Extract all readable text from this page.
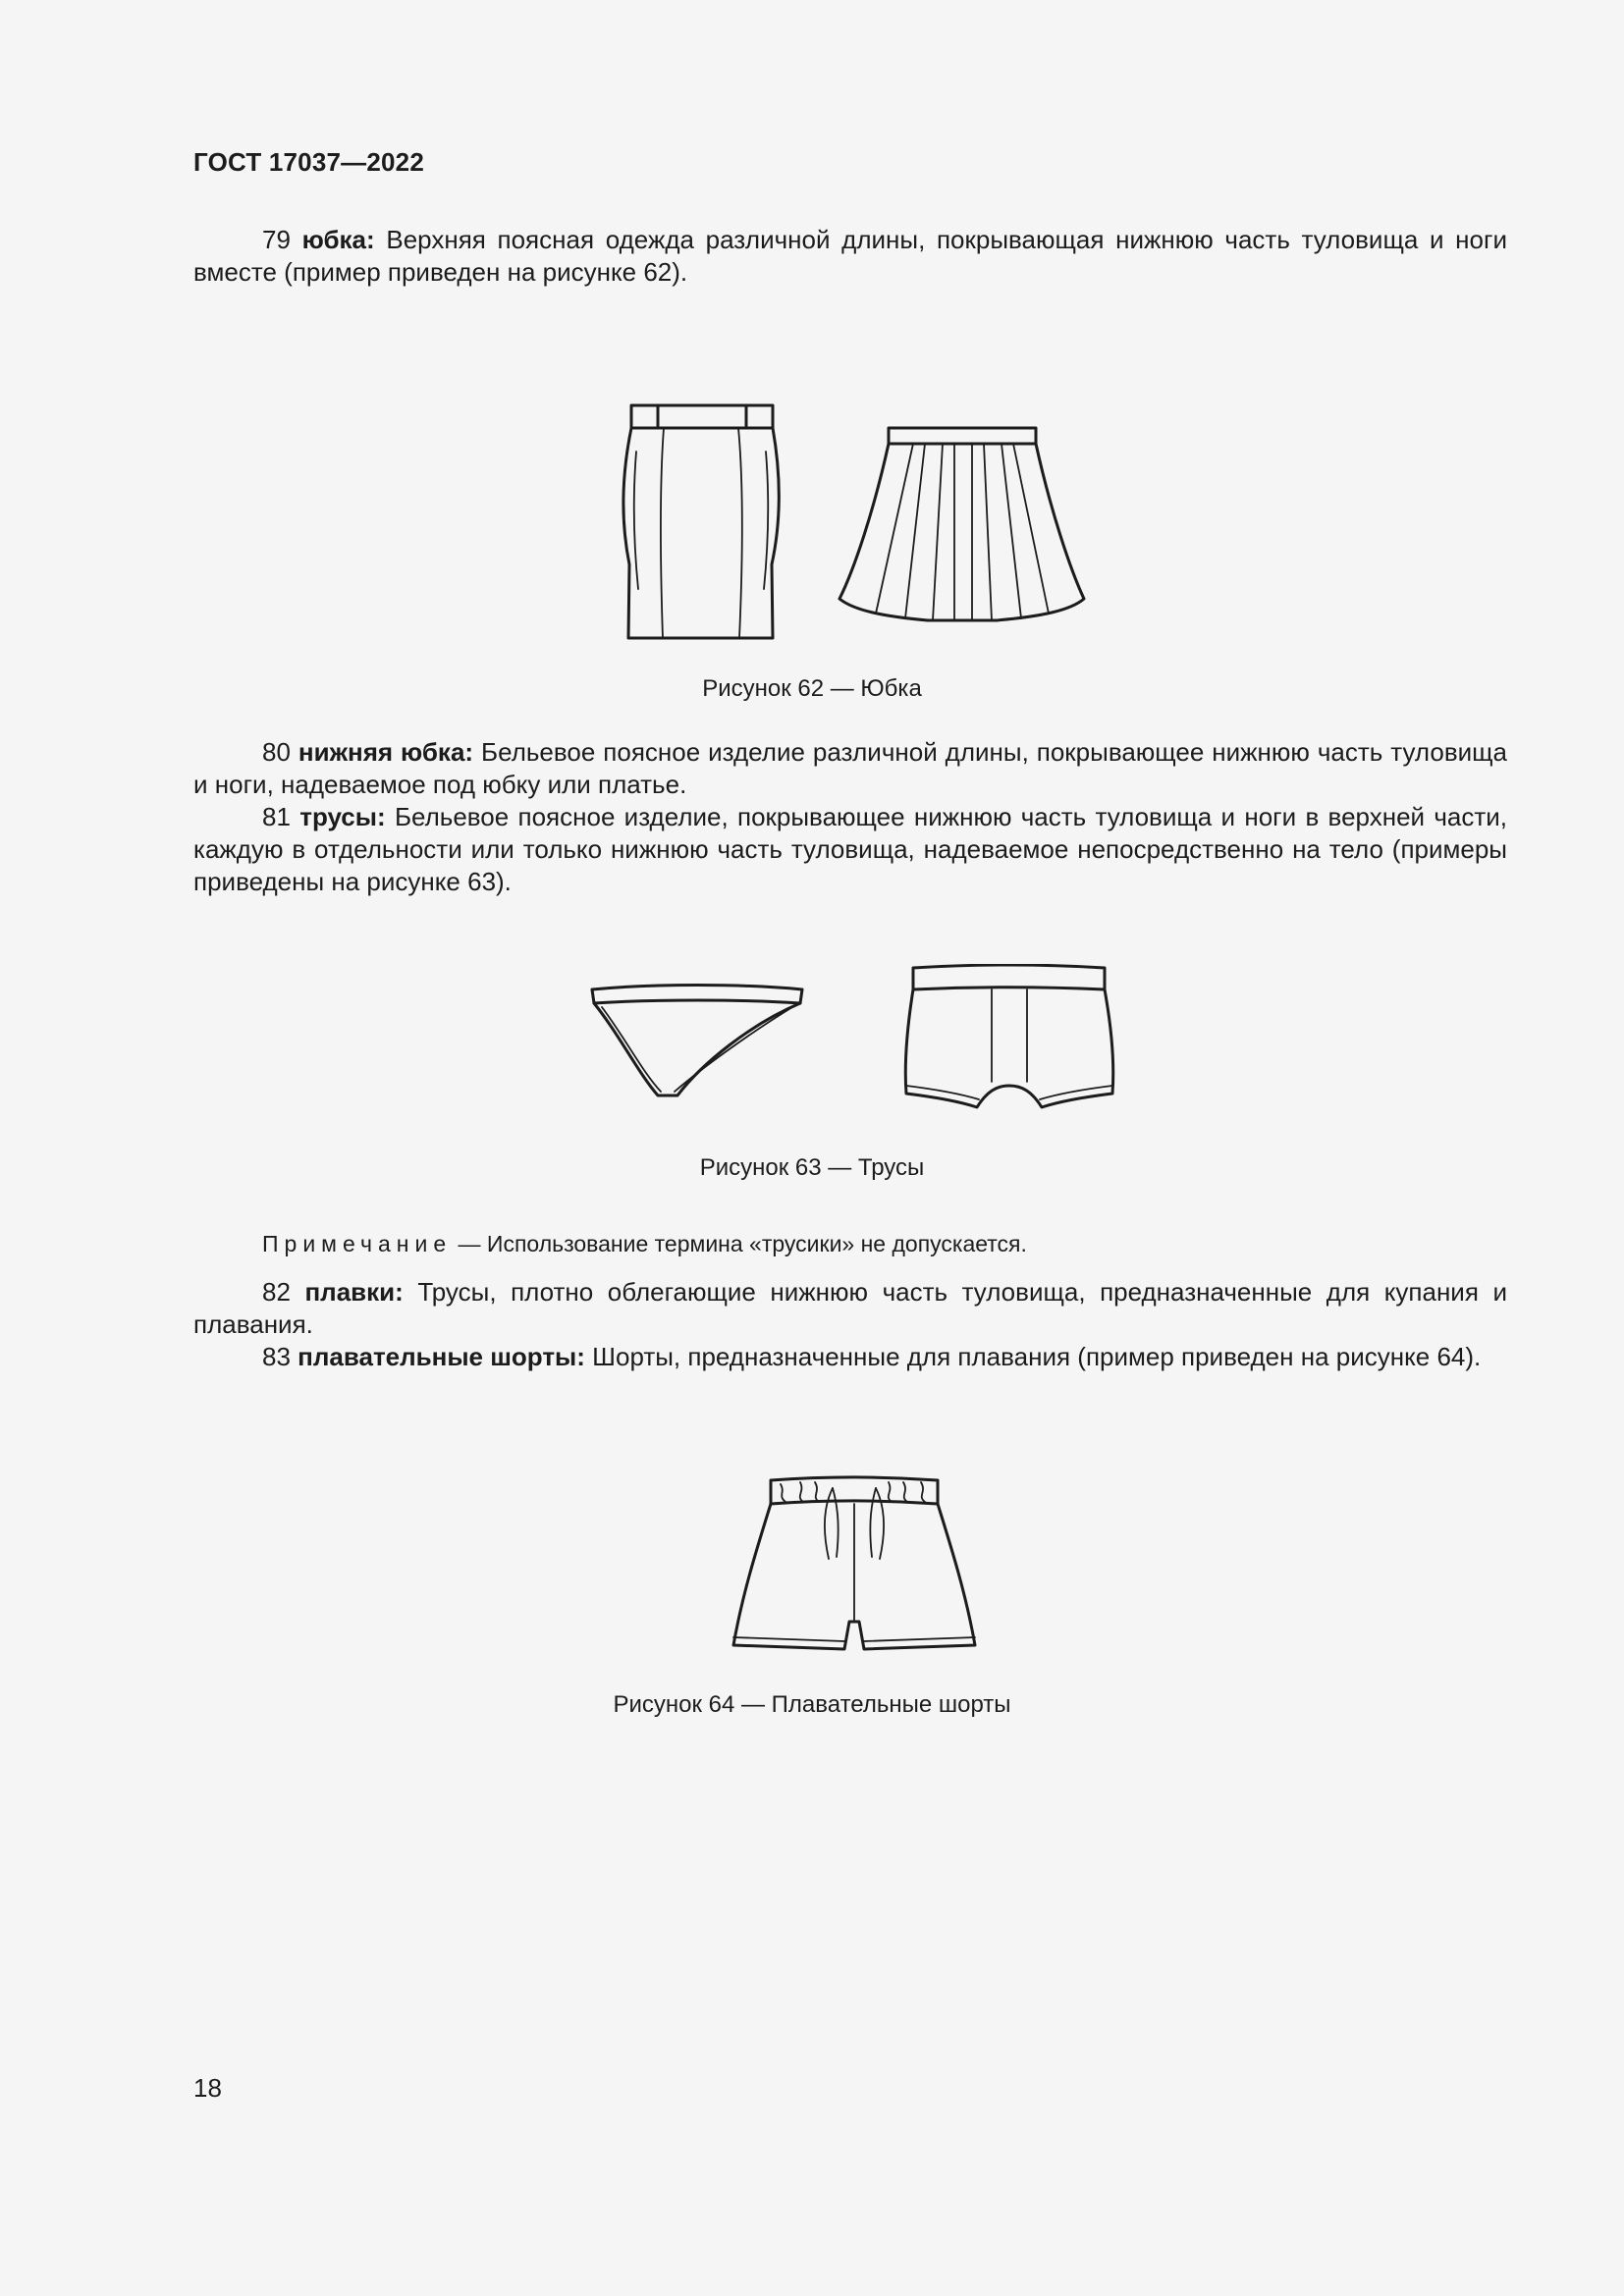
ГОСТ 17037—2022
79 юбка: Верхняя поясная одежда различной длины, покрывающая нижнюю часть туловища и ноги вместе (пример приведен на рисунке 62).
Рисунок 62 — Юбка
80 нижняя юбка: Бельевое поясное изделие различной длины, покрывающее нижнюю часть туловища и ноги, надеваемое под юбку или платье.
81 трусы: Бельевое поясное изделие, покрывающее нижнюю часть туловища и ноги в верхней части, каждую в отдельности или только нижнюю часть туловища, надеваемое непосредственно на тело (примеры приведены на рисунке 63).
Рисунок 63 — Трусы
Примечание — Использование термина «трусики» не допускается.
82 плавки: Трусы, плотно облегающие нижнюю часть туловища, предназначенные для купания и плавания.
83 плавательные шорты: Шорты, предназначенные для плавания (пример приведен на рисунке 64).
Рисунок 64 — Плавательные шорты
18
